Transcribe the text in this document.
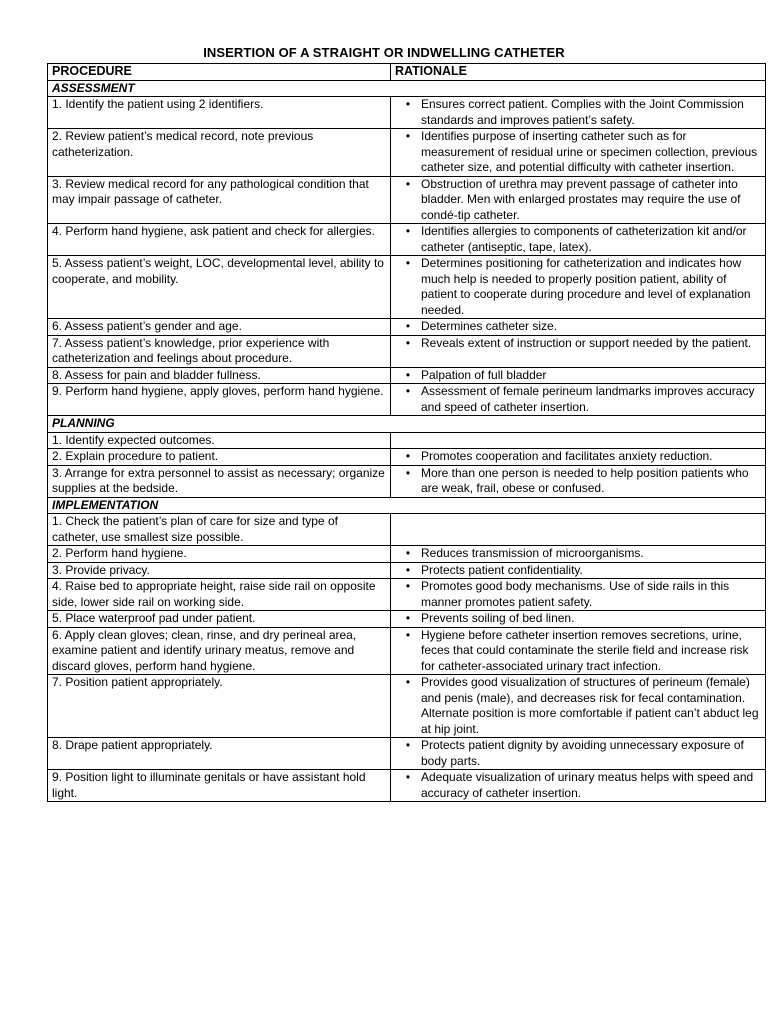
INSERTION OF A STRAIGHT OR INDWELLING CATHETER
PROCEDURE	RATIONALE
ASSESSMENT	
1. Identify the patient using 2 identifiers.	• Ensures correct patient. Complies with the Joint Commission standards and improves patient’s safety.

2. Review patient’s medical record, note previous catheterization.	• Identifies purpose of inserting catheter such as for measurement of residual urine or specimen collection, previous catheter size, and potential difficulty with catheter insertion.

3. Review medical record for any pathological condition that may impair passage of catheter.	• Obstruction of urethra may prevent passage of catheter into bladder. Men with enlarged prostates may require the use of condé-tip catheter.

4. Perform hand hygiene, ask patient and check for allergies.	• Identifies allergies to components of catheterization kit and/or catheter (antiseptic, tape, latex).

5. Assess patient’s weight, LOC, developmental level, ability to cooperate, and mobility.	• Determines positioning for catheterization and indicates how much help is needed to properly position patient, ability of patient to cooperate during procedure and level of explanation needed.

6. Assess patient’s gender and age.	• Determines catheter size.

7. Assess patient’s knowledge, prior experience with catheterization and feelings about procedure.	• Reveals extent of instruction or support needed by the patient.

8. Assess for pain and bladder fullness.	• Palpation of full bladder

9. Perform hand hygiene, apply gloves, perform hand hygiene.	• Assessment of female perineum landmarks improves accuracy and speed of catheter insertion.

PLANNING	
1. Identify expected outcomes.	
2. Explain procedure to patient.	• Promotes cooperation and facilitates anxiety reduction.

3. Arrange for extra personnel to assist as necessary; organize supplies at the bedside.	• More than one person is needed to help position patients who are weak, frail, obese or confused.

IMPLEMENTATION	
1. Check the patient’s plan of care for size and type of catheter, use smallest size possible.	
2. Perform hand hygiene.	• Reduces transmission of microorganisms.

3. Provide privacy.	• Protects patient confidentiality.

4. Raise bed to appropriate height, raise side rail on opposite side, lower side rail on working side.	• Promotes good body mechanisms. Use of side rails in this manner promotes patient safety.

5. Place waterproof pad under patient.	• Prevents soiling of bed linen.

6. Apply clean gloves; clean, rinse, and dry perineal area, examine patient and identify urinary meatus, remove and discard gloves, perform hand hygiene.	• Hygiene before catheter insertion removes secretions, urine, feces that could contaminate the sterile field and increase risk for catheter-associated urinary tract infection.

7. Position patient appropriately.	• Provides good visualization of structures of perineum (female) and penis (male), and decreases risk for fecal contamination. Alternate position is more comfortable if patient can’t abduct leg at hip joint.

8. Drape patient appropriately.	• Protects patient dignity by avoiding unnecessary exposure of body parts.

9. Position light to illuminate genitals or have assistant hold light.	• Adequate visualization of urinary meatus helps with speed and accuracy of catheter insertion.
